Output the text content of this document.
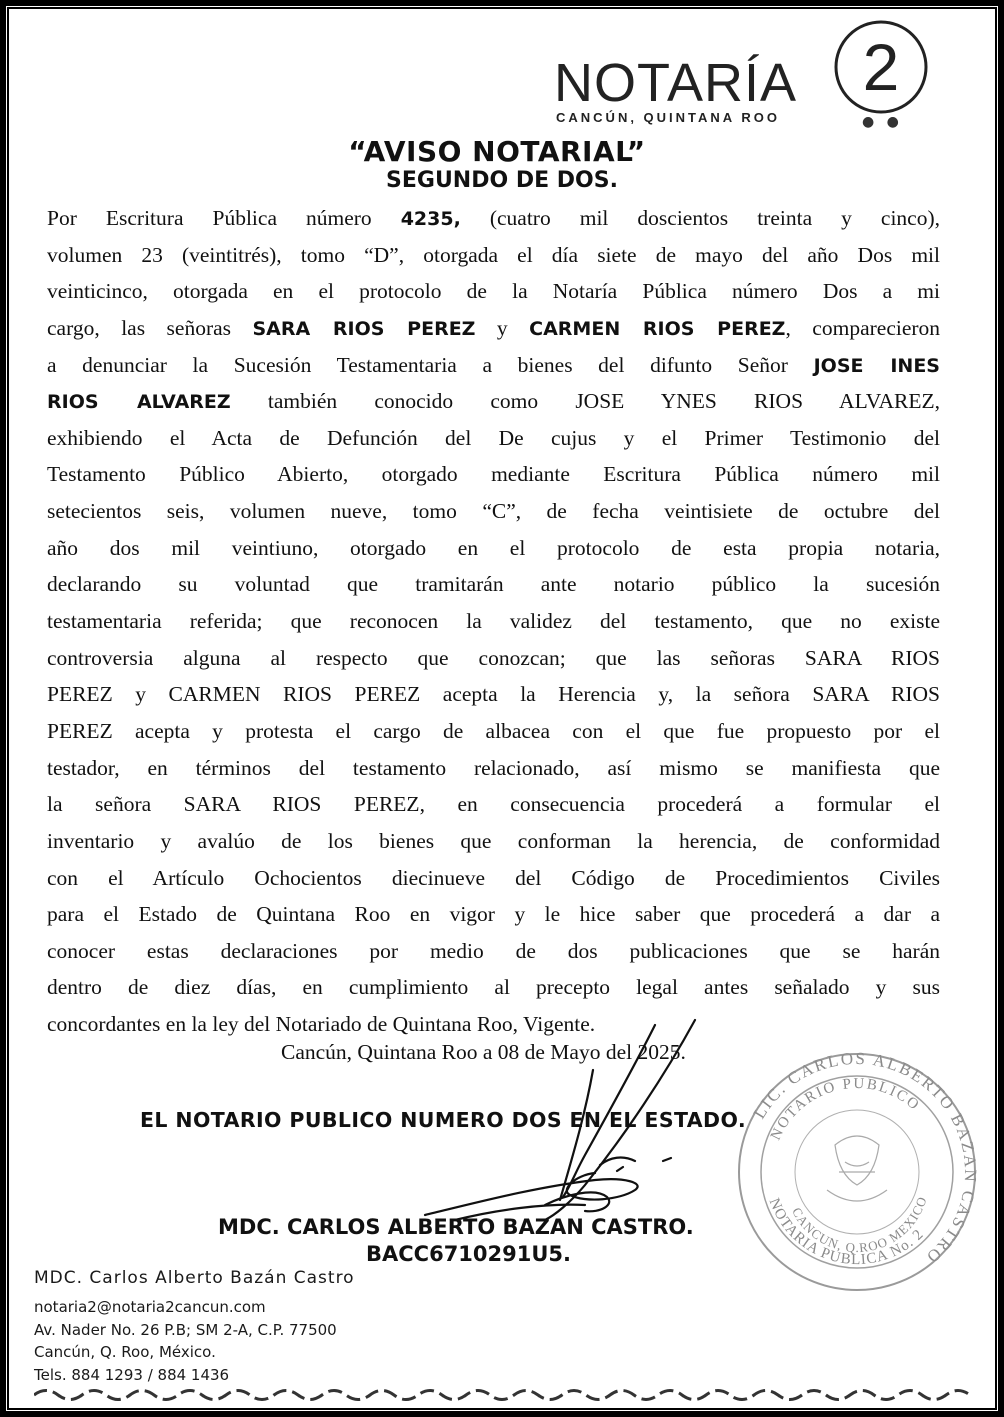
NOTARÍA 2
CANCÚN, QUINTANA ROO	● ●
“AVISO NOTARIAL”
SEGUNDO DE DOS.
Por Escritura Pública número 4235, (cuatro mil doscientos treinta y cinco),
volumen 23 (veintitrés), tomo “D”, otorgada el día siete de mayo del año Dos mil
veinticinco, otorgada en el protocolo de la Notaría Pública número Dos a mi
cargo, las señoras SARA RIOS PEREZ y CARMEN RIOS PEREZ, comparecieron
a denunciar la Sucesión Testamentaria a bienes del difunto Señor JOSE INES
RIOS ALVAREZ también conocido como JOSE YNES RIOS ALVAREZ,
exhibiendo el Acta de Defunción del De cujus y el Primer Testimonio del
Testamento Público Abierto, otorgado mediante Escritura Pública número mil
setecientos seis, volumen nueve, tomo “C”, de fecha veintisiete de octubre del
año dos mil veintiuno, otorgado en el protocolo de esta propia notaria,
declarando su voluntad que tramitarán ante notario público la sucesión
testamentaria referida; que reconocen la validez del testamento, que no existe
controversia alguna al respecto que conozcan; que las señoras SARA RIOS
PEREZ y CARMEN RIOS PEREZ acepta la Herencia y, la señora SARA RIOS
PEREZ acepta y protesta el cargo de albacea con el que fue propuesto por el
testador, en términos del testamento relacionado, así mismo se manifiesta que
la señora SARA RIOS PEREZ, en consecuencia procederá a formular el
inventario y avalúo de los bienes que conforman la herencia, de conformidad
con el Artículo Ochocientos diecinueve del Código de Procedimientos Civiles
para el Estado de Quintana Roo en vigor y le hice saber que procederá a dar a
conocer estas declaraciones por medio de dos publicaciones que se harán
dentro de diez días, en cumplimiento al precepto legal antes señalado y sus
concordantes en la ley del Notariado de Quintana Roo, Vigente.
Cancún, Quintana Roo a 08 de Mayo del 2025.
EL NOTARIO PUBLICO NUMERO DOS EN EL ESTADO. LIC. CARLOS ALBERTO BAZAN CASTRO
NOTARIO PUBLICO
NOTARIA PUBLICA No. 2
CANCUN, Q.ROO MEXICO
MDC. CARLOS ALBERTO BAZAN CASTRO.
BACC6710291U5.
MDC. Carlos Alberto Bazán Castro
notaria2@notaria2cancun.com
Av. Nader No. 26 P.B; SM 2-A, C.P. 77500
Cancún, Q. Roo, México.
Tels. 884 1293 / 884 1436
